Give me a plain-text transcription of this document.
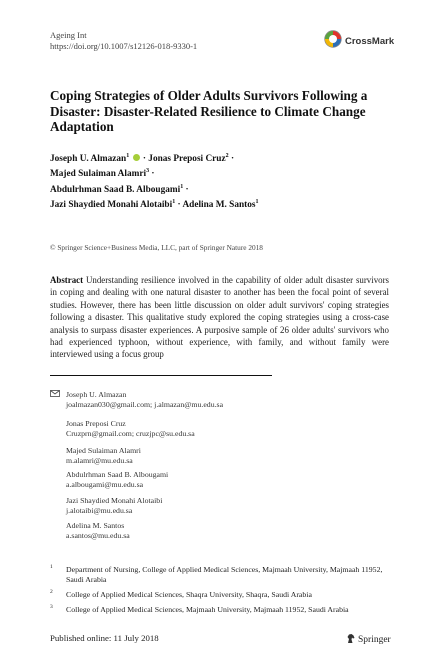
Ageing Int
https://doi.org/10.1007/s12126-018-9330-1	CrossMark
Coping Strategies of Older Adults Survivors Following a Disaster: Disaster-Related Resilience to Climate Change Adaptation
Joseph U. Almazan$^1$ · Jonas Preposi Cruz$^2$ ·
Majed Sulaiman Alamri$^3$ ·
Abdulrhman Saad B. Albougami$^1$ ·
Jazi Shaydied Monahi Alotaibi$^1$ · Adelina M. Santos$^1$
© Springer Science+Business Media, LLC, part of Springer Nature 2018
Abstract Understanding resilience involved in the capability of older adult disaster survivors in coping and dealing with one natural disaster to another has been the focal point of several studies. However, there has been little discussion on older adult survivors' coping strategies following a disaster. This qualitative study explored the coping strategies using a cross-case analysis to surpass disaster experiences. A purposive sample of 26 older adults' survivors who had experienced typhoon, without experience, with family, and without family were interviewed using a focus group
Joseph U. Almazan
joalmazan030@gmail.com; j.almazan@mu.edu.sa
Jonas Preposi Cruz
Cruzprn@gmail.com; cruzjpc@su.edu.sa
Majed Sulaiman Alamri
m.alamri@mu.edu.sa
Abdulrhman Saad B. Albougami
a.albougami@mu.edu.sa
Jazi Shaydied Monahi Alotaibi
j.alotaibi@mu.edu.sa
Adelina M. Santos
a.santos@mu.edu.sa
1 Department of Nursing, College of Applied Medical Sciences, Majmaah University, Majmaah 11952, Saudi Arabia
2 College of Applied Medical Sciences, Shaqra University, Shaqra, Saudi Arabia
3 College of Applied Medical Sciences, Majmaah University, Majmaah 11952, Saudi Arabia
Published online: 11 July 2018	Springer
